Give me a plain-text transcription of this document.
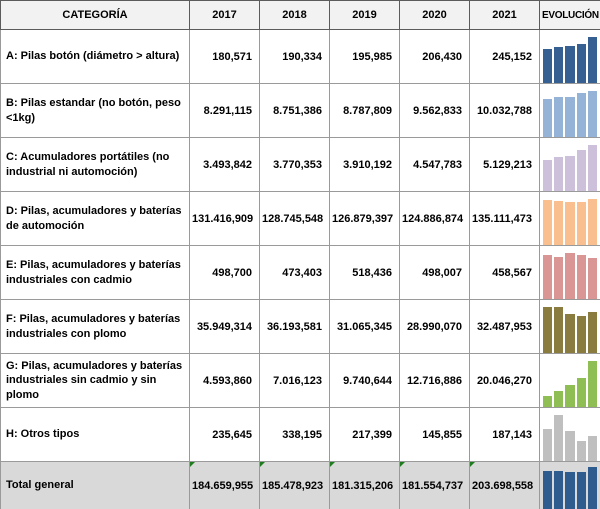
CATEGORÍA	2017	2018	2019	2020	2021	EVOLUCIÓN
A: Pilas botón (diámetro > altura)	180,571	190,334	195,985	206,430	245,152	

B: Pilas estandar (no botón, peso <1kg)	8.291,115	8.751,386	8.787,809	9.562,833	10.032,788	

C: Acumuladores portátiles (no industrial ni automoción)	3.493,842	3.770,353	3.910,192	4.547,783	5.129,213	

D: Pilas, acumuladores y baterías de automoción	131.416,909	128.745,548	126.879,397	124.886,874	135.111,473	

E: Pilas, acumuladores y baterías industriales con cadmio	498,700	473,403	518,436	498,007	458,567	

F: Pilas, acumuladores y baterías industriales con plomo	35.949,314	36.193,581	31.065,345	28.990,070	32.487,953	

G: Pilas, acumuladores y baterías industriales sin cadmio y sin plomo	4.593,860	7.016,123	9.740,644	12.716,886	20.046,270	

H: Otros tipos	235,645	338,195	217,399	145,855	187,143	

Total general	184.659,955	185.478,923	181.315,206	181.554,737	203.698,558
